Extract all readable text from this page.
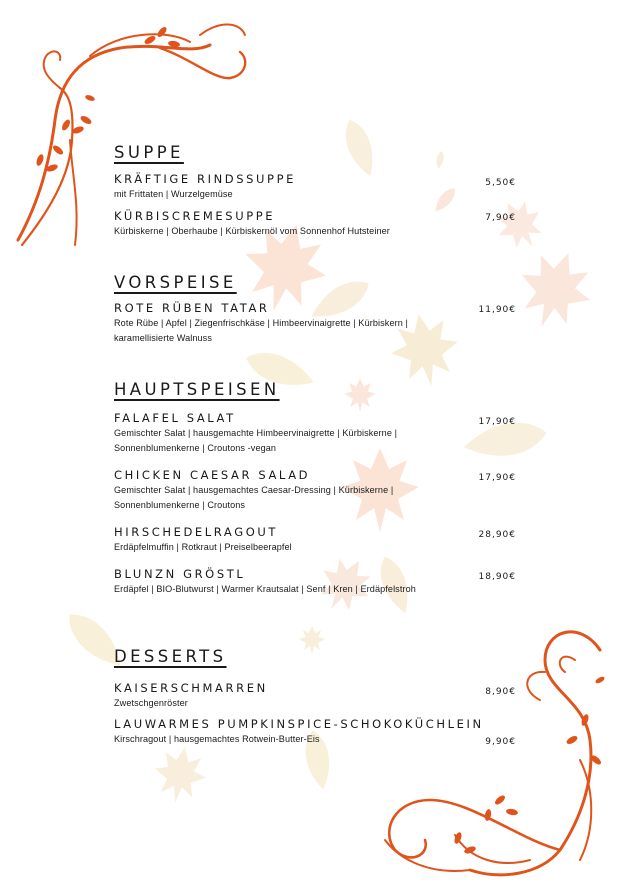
SUPPE
KRÄFTIGE RINDSSUPPE
mit Frittaten | Wurzelgemüse
5,50€
KÜRBISCREMESUPPE
Kürbiskerne | Oberhaube | Kürbiskernöl vom Sonnenhof Hutsteiner
7,90€
VORSPEISE
ROTE RÜBEN TATAR
Rote Rübe | Apfel | Ziegenfrischkäse | Himbeervinaigrette | Kürbiskern | karamellisierte Walnuss
11,90€
HAUPTSPEISEN
FALAFEL SALAT
Gemischter Salat | hausgemachte Himbeervinaigrette | Kürbiskerne | Sonnenblumenkerne | Croutons -vegan
17,90€
CHICKEN CAESAR SALAD
Gemischter Salat | hausgemachtes Caesar-Dressing | Kürbiskerne | Sonnenblumenkerne | Croutons
17,90€
HIRSCHEDELRAGOUT
Erdäpfelmuffin | Rotkraut | Preiselbeerapfel
28,90€
BLUNZN GRÖSTL
Erdäpfel | BIO-Blutwurst | Warmer Krautsalat | Senf | Kren | Erdäpfelstroh
18,90€
DESSERTS
KAISERSCHMARREN
Zwetschgenröster
8,90€
LAUWARMES PUMPKINSPICE-SCHOKOKÜCHLEIN
Kirschragout | hausgemachtes Rotwein-Butter-Eis	9,90€
